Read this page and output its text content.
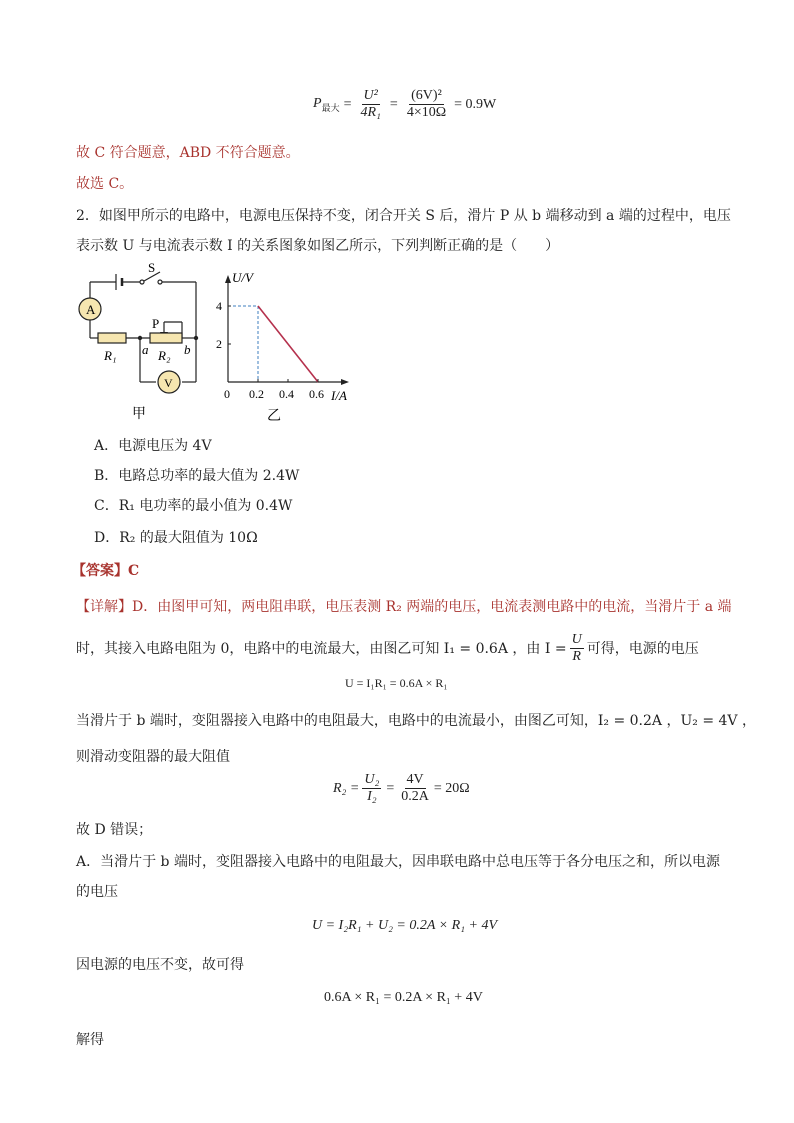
$P_{最大} = \frac{\text{U²}}{\text{4R₁}} = \frac{\text{(6V)²}}{4\times 10\Omega} = 0.9W$
故 C 符合题意，ABD 不符合题意。
故选 C。
2．如图甲所示的电路中，电源电压保持不变，闭合开关 S 后，滑片 P 从 b 端移动到 a 端的过程中，电压
表示数 U 与电流表示数 I 的关系图象如图乙所示，下列判断正确的是（　　）
A
V
S
P
R₁	R₂
a	b
甲
0 0.2 0.4 0.6
2
4
U/V
I/A
乙
A．电源电压为 4V
B．电路总功率的最大值为 2.4W
C．R₁ 电功率的最小值为 0.4W
D．R₂ 的最大阻值为 10Ω
【答案】C
【详解】D．由图甲可知，两电阻串联，电压表测 R₂ 两端的电压，电流表测电路中的电流，当滑片于 a 端
时，其接入电路电阻为 0，电路中的电流最大，由图乙可知 I₁ = 0.6A ，由 $I = \frac{U}{R}$ 可得，电源的电压
U = I₁R₁ = 0.6A × R₁
当滑片于 b 端时，变阻器接入电路中的电阻最大，电路中的电流最小，由图乙可知，I₂ = 0.2A ，U₂ = 4V ，
则滑动变阻器的最大阻值
$R_2 = \frac{\text{U₂}}{\text{I₂}} = \frac{4V}{0.2A} = 20\Omega$
故 D 错误；
A．当滑片于 b 端时，变阻器接入电路中的电阻最大，因串联电路中总电压等于各分电压之和，所以电源
的电压
U = I₂R₁ + U₂ = 0.2A × R₁ + 4V
因电源的电压不变，故可得
0.6A × R₁ = 0.2A × R₁ + 4V
解得
